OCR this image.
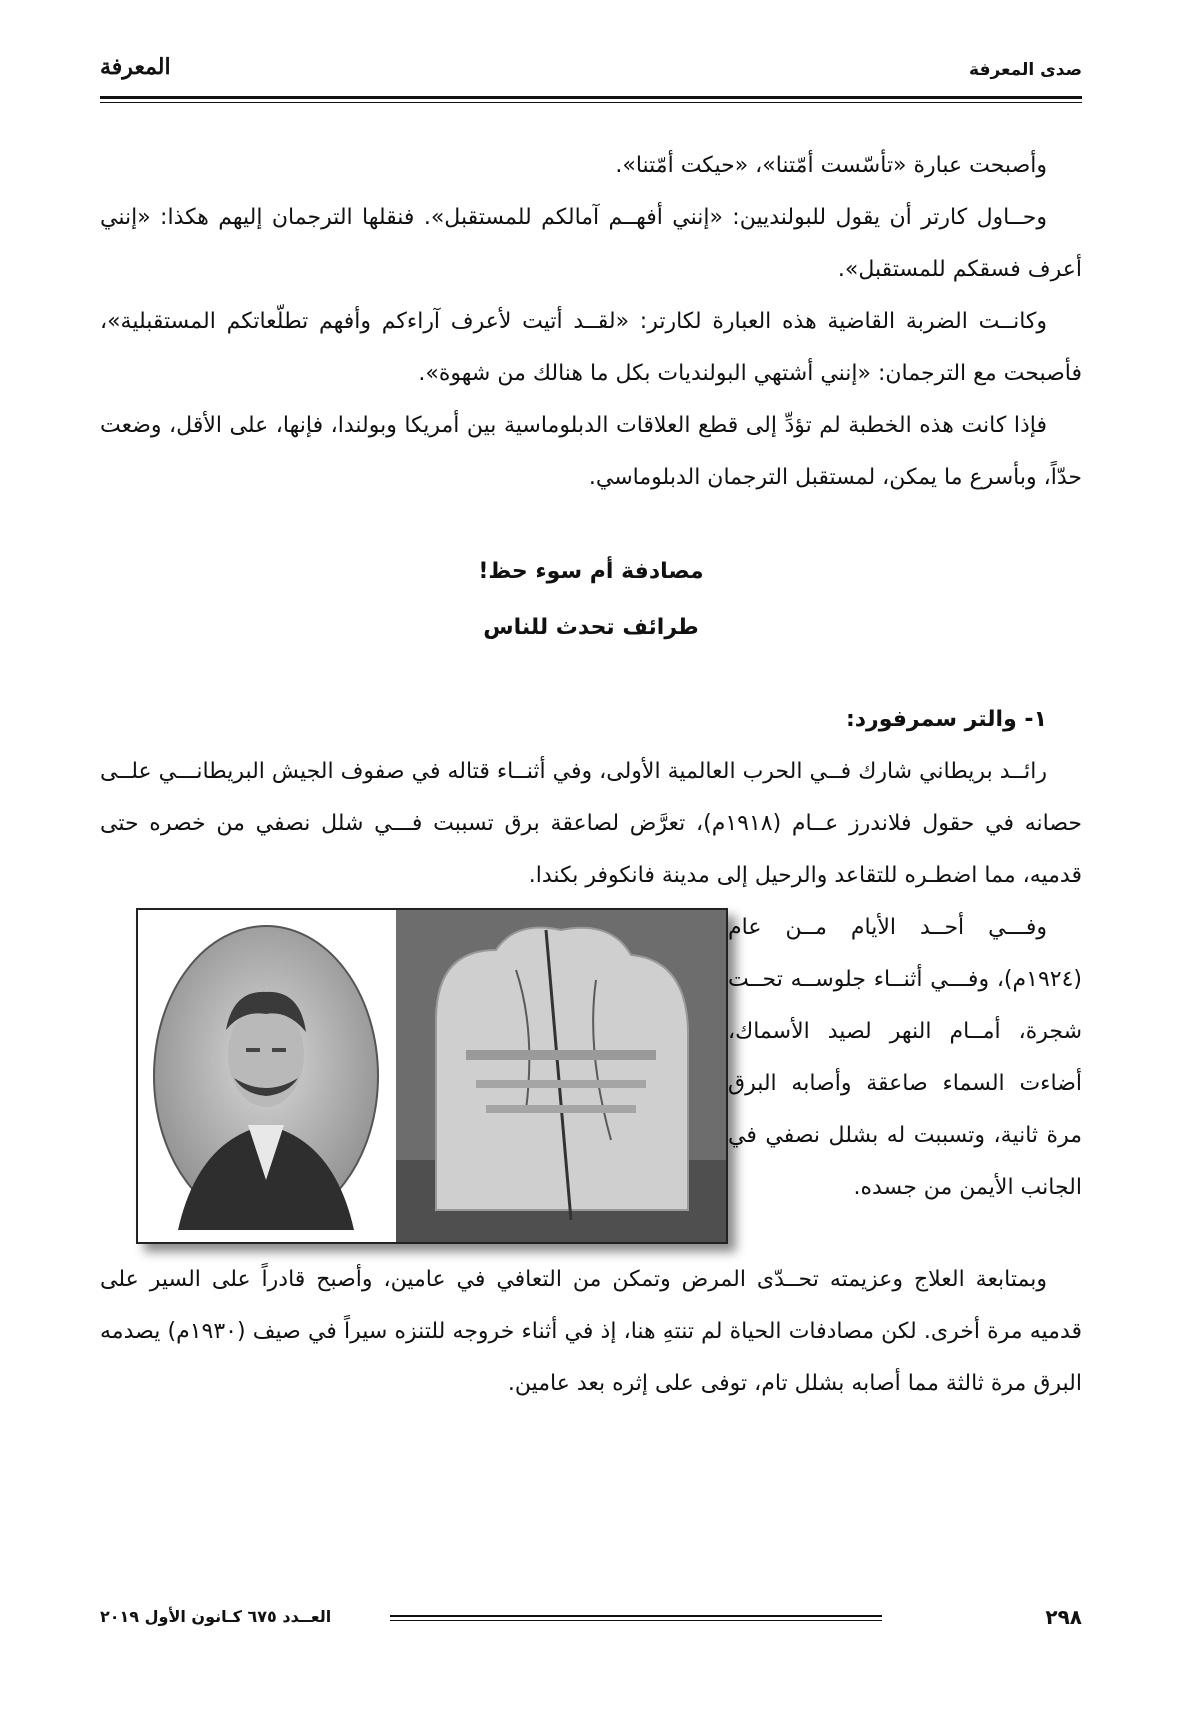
المعرفة	صدى المعرفة

وأصبحت عبارة «تأسّست أمّتنا»، «حيكت أمّتنا».

وحــاول كارتر أن يقول للبولنديين: «إنني أفهــم آمالكم للمستقبل». فنقلها الترجمان إليهم هكذا: «إنني أعرف فسقكم للمستقبل».

وكانــت الضربة القاضية هذه العبارة لكارتر: «لقــد أتيت لأعرف آراءكم وأفهم تطلّعاتكم المستقبلية»، فأصبحت مع الترجمان: «إنني أشتهي البولنديات بكل ما هنالك من شهوة».

فإذا كانت هذه الخطبة لم تؤدِّ إلى قطع العلاقات الدبلوماسية بين أمريكا وبولندا، فإنها، على الأقل، وضعت حدّاً، وبأسرع ما يمكن، لمستقبل الترجمان الدبلوماسي.

مصادفة أم سوء حظ!
طرائف تحدث للناس

١- والتر سمرفورد:

رائــد بريطاني شارك فــي الحرب العالمية الأولى، وفي أثنــاء قتاله في صفوف الجيش البريطانـــي علــى حصانه في حقول فلاندرز عــام (١٩١٨م)، تعرَّض لصاعقة برق تسببت فـــي شلل نصفي من خصره حتى قدميه، مما اضطـره للتقاعد والرحيل إلى مدينة فانكوفر بكندا.

وفـــي أحــد الأيام مــن عام (١٩٢٤م)، وفـــي أثنــاء جلوســه تحــت شجرة، أمــام النهر لصيد الأسماك، أضاءت السماء صاعقة وأصابه البرق مرة ثانية، وتسببت له بشلل نصفي في الجانب الأيمن من جسده.

وبمتابعة العلاج وعزيمته تحــدّى المرض وتمكن من التعافي في عامين، وأصبح قادراً على السير على قدميه مرة أخرى. لكن مصادفات الحياة لم تنتهِ هنا، إذ في أثناء خروجه للتنزه سيراً في صيف (١٩٣٠م) يصدمه البرق مرة ثالثة مما أصابه بشلل تام، توفى على إثره بعد عامين.

٢٩٨
العــدد ٦٧٥ كـانون الأول ٢٠١٩
